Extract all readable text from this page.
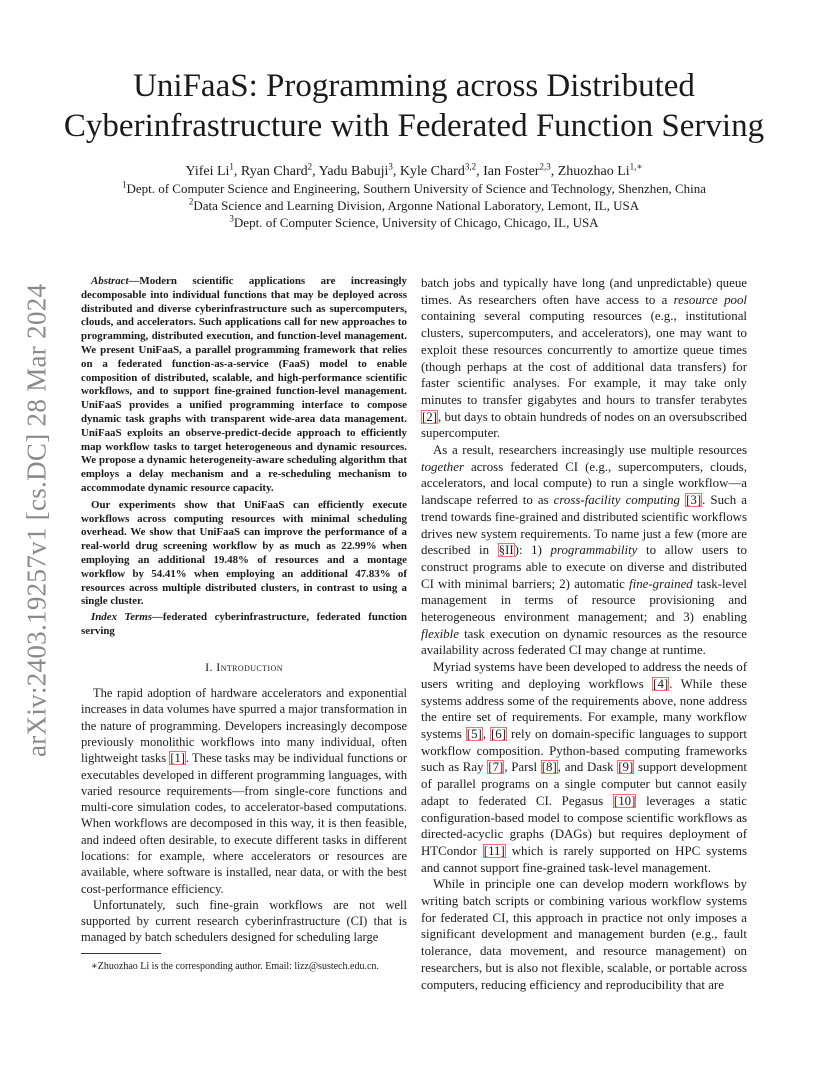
arXiv:2403.19257v1 [cs.DC] 28 Mar 2024
UniFaaS: Programming across Distributed
Cyberinfrastructure with Federated Function Serving
Yifei Li$^1$, Ryan Chard$^2$, Yadu Babuji$^3$, Kyle Chard$^{3,2}$, Ian Foster$^{2,3}$, Zhuozhao $Li^{1,∗}$
$^1$Dept. of Computer Science and Engineering, Southern University of Science and Technology, Shenzhen, China
$^2$Data Science and Learning Division, Argonne National Laboratory, Lemont, IL, USA
$^3$Dept. of Computer Science, University of Chicago, Chicago, IL, USA

Abstract—Modern scientific applications are increasingly decomposable into individual functions that may be deployed across distributed and diverse cyberinfrastructure such as supercomputers, clouds, and accelerators. Such applications call for new approaches to programming, distributed execution, and function-level management. We present UniFaaS, a parallel programming framework that relies on a federated function-as-a-service (FaaS) model to enable composition of distributed, scalable, and high-performance scientific workflows, and to support fine-grained function-level management. UniFaaS provides a unified programming interface to compose dynamic task graphs with transparent wide-area data management. UniFaaS exploits an observe-predict-decide approach to efficiently map workflow tasks to target heterogeneous and dynamic resources. We propose a dynamic heterogeneity-aware scheduling algorithm that employs a delay mechanism and a re-scheduling mechanism to accommodate dynamic resource capacity.

Our experiments show that UniFaaS can efficiently execute workflows across computing resources with minimal scheduling overhead. We show that UniFaaS can improve the performance of a real-world drug screening workflow by as much as 22.99% when employing an additional 19.48% of resources and a montage workflow by 54.41% when employing an additional 47.83% of resources across multiple distributed clusters, in contrast to using a single cluster.

Index Terms—federated cyberinfrastructure, federated function serving

I. Introduction

The rapid adoption of hardware accelerators and exponential increases in data volumes have spurred a major transformation in the nature of programming. Developers increasingly decompose previously monolithic workflows into many individual, often lightweight tasks [1]. These tasks may be individual functions or executables developed in different programming languages, with varied resource requirements—from single-core functions and multi-core simulation codes, to accelerator-based computations. When workflows are decomposed in this way, it is then feasible, and indeed often desirable, to execute different tasks in different locations: for example, where accelerators or resources are available, where software is installed, near data, or with the best cost-performance efficiency.

Unfortunately, such fine-grain workflows are not well supported by current research cyberinfrastructure (CI) that is managed by batch schedulers designed for scheduling large

∗Zhuozhao Li is the corresponding author. Email: lizz@sustech.edu.cn.

batch jobs and typically have long (and unpredictable) queue times. As researchers often have access to a resource pool containing several computing resources (e.g., institutional clusters, supercomputers, and accelerators), one may want to exploit these resources concurrently to amortize queue times (though perhaps at the cost of additional data transfers) for faster scientific analyses. For example, it may take only minutes to transfer gigabytes and hours to transfer terabytes [2], but days to obtain hundreds of nodes on an oversubscribed supercomputer.

As a result, researchers increasingly use multiple resources together across federated CI (e.g., supercomputers, clouds, accelerators, and local compute) to run a single workflow—a landscape referred to as cross-facility computing [3]. Such a trend towards fine-grained and distributed scientific workflows drives new system requirements. To name just a few (more are described in §II): 1) programmability to allow users to construct programs able to execute on diverse and distributed CI with minimal barriers; 2) automatic fine-grained task-level management in terms of resource provisioning and heterogeneous environment management; and 3) enabling flexible task execution on dynamic resources as the resource availability across federated CI may change at runtime.

Myriad systems have been developed to address the needs of users writing and deploying workflows [4]. While these systems address some of the requirements above, none address the entire set of requirements. For example, many workflow systems [5], [6] rely on domain-specific languages to support workflow composition. Python-based computing frameworks such as Ray [7], Parsl [8], and Dask [9] support development of parallel programs on a single computer but cannot easily adapt to federated CI. Pegasus [10] leverages a static configuration-based model to compose scientific workflows as directed-acyclic graphs (DAGs) but requires deployment of HTCondor [11] which is rarely supported on HPC systems and cannot support fine-grained task-level management.

While in principle one can develop modern workflows by writing batch scripts or combining various workflow systems for federated CI, this approach in practice not only imposes a significant development and management burden (e.g., fault tolerance, data movement, and resource management) on researchers, but is also not flexible, scalable, or portable across computers, reducing efficiency and reproducibility that are
